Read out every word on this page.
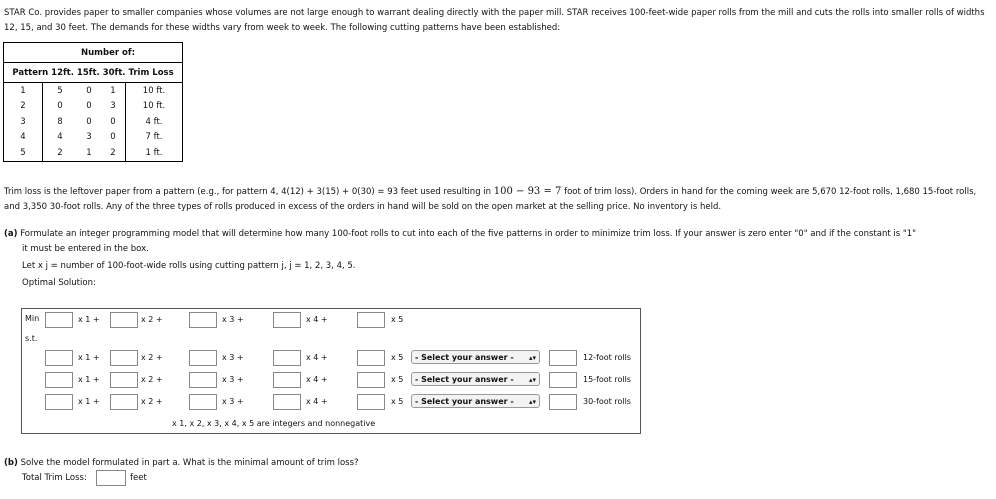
STAR Co. provides paper to smaller companies whose volumes are not large enough to warrant dealing directly with the paper mill. STAR receives 100-feet-wide paper rolls from the mill and cuts the rolls into smaller rolls of widths 12, 15, and 30 feet. The demands for these widths vary from week to week. The following cutting patterns have been established:
Number of:				
Pattern 12ft. 15ft. 30ft. Trim Loss				
1	5	0	1	10 ft.
2	0	0	3	10 ft.
3	8	0	0	4 ft.
4	4	3	0	7 ft.
5	2	1	2	1 ft.
Trim loss is the leftover paper from a pattern (e.g., for pattern 4, 4(12) + 3(15) + 0(30) = 93 feet used resulting in 100 − 93 = 7 foot of trim loss). Orders in hand for the coming week are 5,670 12-foot rolls, 1,680 15-foot rolls, and 3,350 30-foot rolls. Any of the three types of rolls produced in excess of the orders in hand will be sold on the open market at the selling price. No inventory is held.
(a) Formulate an integer programming model that will determine how many 100-foot rolls to cut into each of the five patterns in order to minimize trim loss. If your answer is zero enter "0" and if the constant is "1"
it must be entered in the box.
Let x j = number of 100-foot-wide rolls using cutting pattern j, j = 1, 2, 3, 4, 5.
Optimal Solution:
Min	x 1 +	x 2 +	x 3 +	x 4 +	x 5
s.t.
x 1 +	x 2 +	x 3 +	x 4 +	x 5	- Select your answer - ▴▾	12-foot rolls
x 1 +	x 2 +	x 3 +	x 4 +	x 5	- Select your answer - ▴▾	15-foot rolls
x 1 +	x 2 +	x 3 +	x 4 +	x 5	- Select your answer - ▴▾	30-foot rolls
x 1, x 2, x 3, x 4, x 5 are integers and nonnegative
(b) Solve the model formulated in part a. What is the minimal amount of trim loss?
Total Trim Loss:	feet
